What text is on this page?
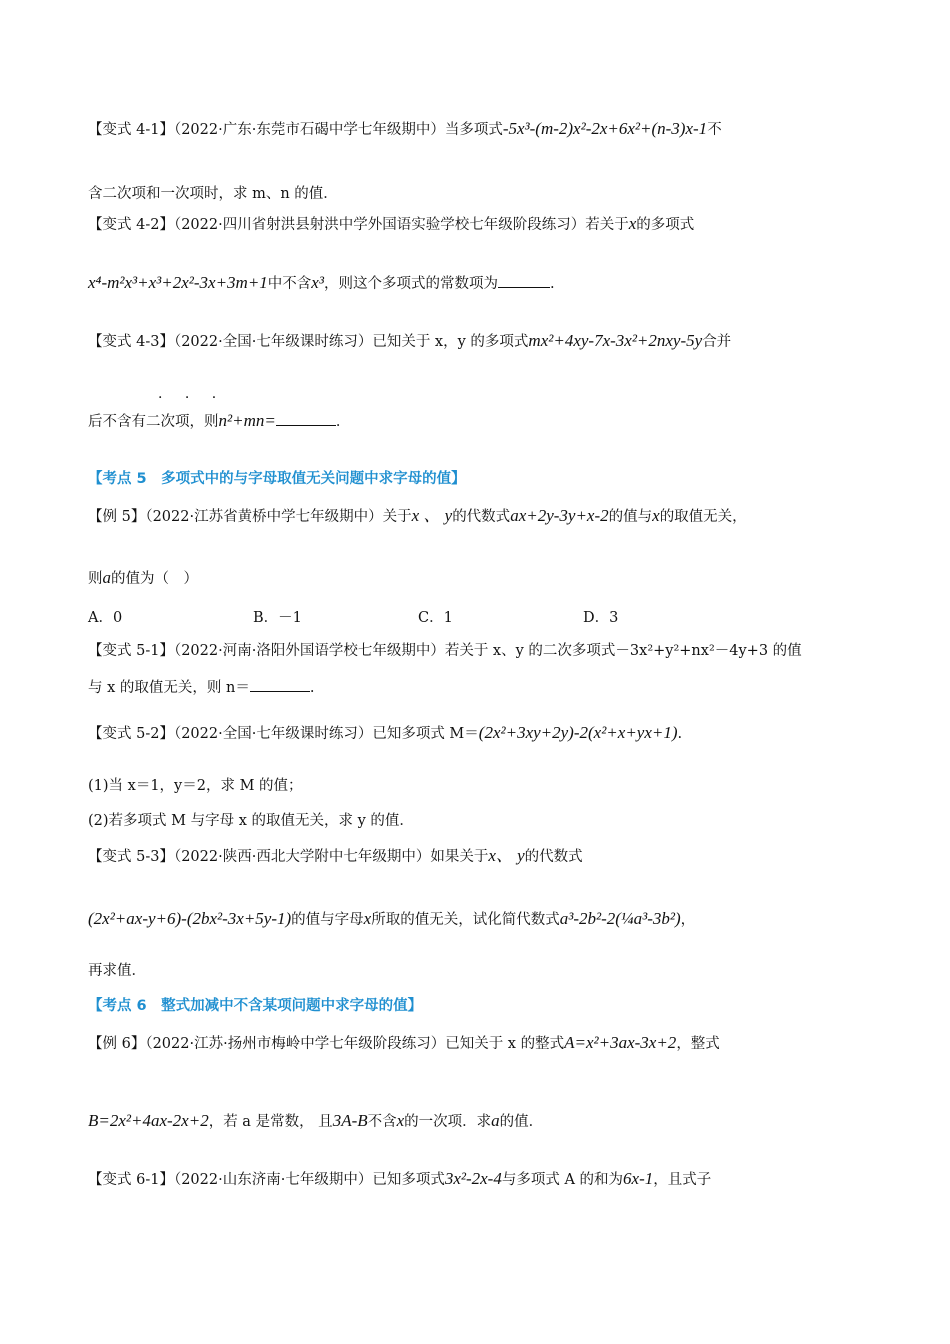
【变式 4-1】（2022·广东·东莞市石碣中学七年级期中）当多项式-5x³-(m-2)x²-2x+6x²+(n-3)x-1不
含二次项和一次项时，求 m、n 的值．
【变式 4-2】（2022·四川省射洪县射洪中学外国语实验学校七年级阶段练习）若关于x的多项式
x⁴-m²x³+x³+2x²-3x+3m+1中不含x³，则这个多项式的常数项为	.
【变式 4-3】（2022·全国·七年级课时练习）已知关于 x，y 的多项式mx²+4xy-7x-3x²+2nxy-5y合并
· · ·
后不含有二次项，则n²+mn=	．
【考点 5　多项式中的与字母取值无关问题中求字母的值】
【例 5】（2022·江苏省黄桥中学七年级期中）关于x 、 y的代数式ax+2y-3y+x-2的值与x的取值无关，
则a的值为（　）
A．0	B．－1	C．1	D．3
【变式 5-1】（2022·河南·洛阳外国语学校七年级期中）若关于 x、y 的二次多项式－3x²+y²+nx²－4y+3 的值
与 x 的取值无关，则 n＝	.
【变式 5-2】（2022·全国·七年级课时练习）已知多项式 M＝(2x²+3xy+2y)-2(x²+x+yx+1).
(1)当 x＝1，y＝2，求 M 的值；
(2)若多项式 M 与字母 x 的取值无关，求 y 的值．
【变式 5-3】（2022·陕西·西北大学附中七年级期中）如果关于x、 y的代数式
(2x²+ax-y+6)-(2bx²-3x+5y-1)的值与字母x所取的值无关，试化简代数式a³-2b²-2(¼a³-3b²)，
再求值．
【考点 6　整式加减中不含某项问题中求字母的值】
【例 6】（2022·江苏·扬州市梅岭中学七年级阶段练习）已知关于 x 的整式A=x²+3ax-3x+2，整式
B=2x²+4ax-2x+2，若 a 是常数， 且3A-B不含x的一次项．求a的值．
【变式 6-1】（2022·山东济南·七年级期中）已知多项式3x²-2x-4与多项式 A 的和为6x-1，且式子
